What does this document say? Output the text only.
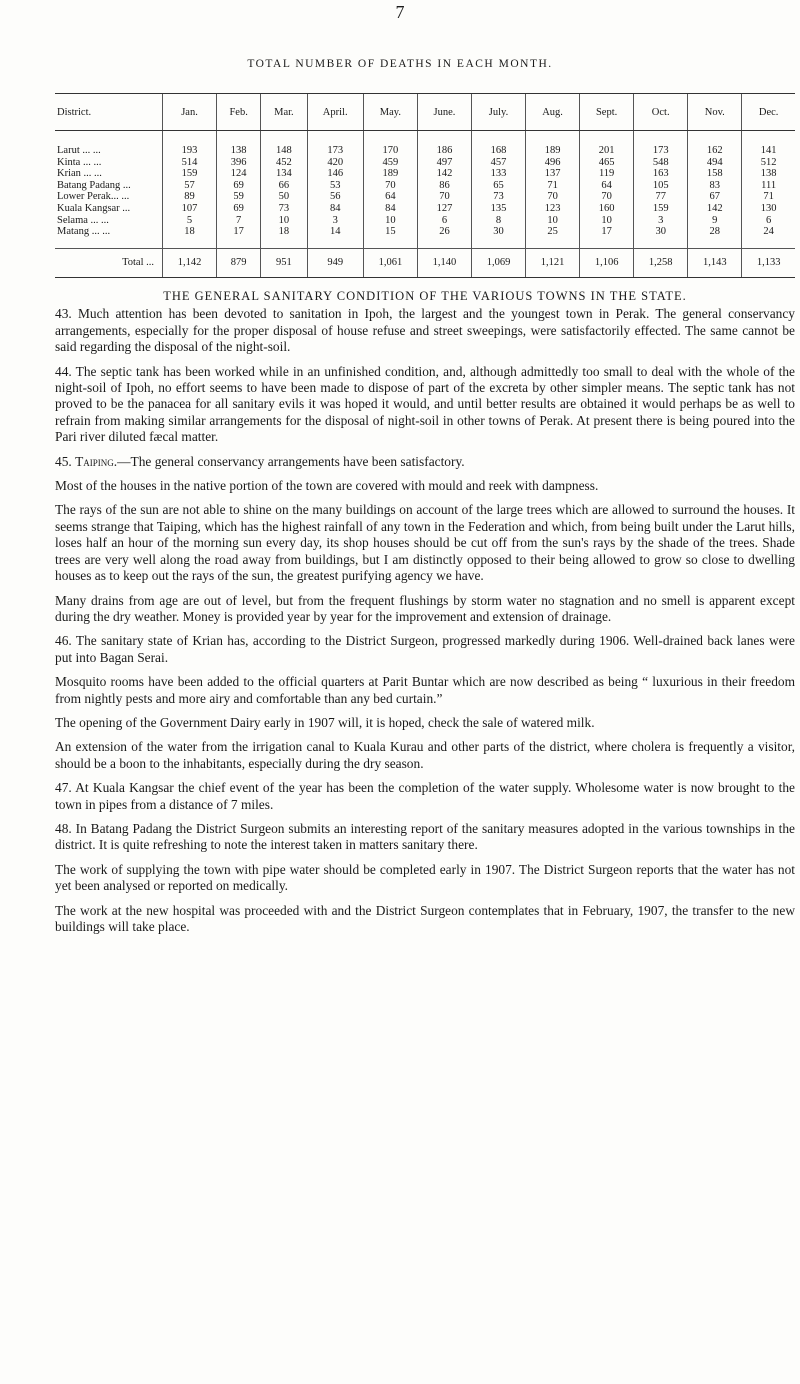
7
TOTAL NUMBER OF DEATHS IN EACH MONTH.
District.	Jan.	Feb.	Mar.	April.	May.	June.	July.	Aug.	Sept.	Oct.	Nov.	Dec.
Larut ... ...	193	138	148	173	170	186	168	189	201	173	162	141
Kinta ... ...	514	396	452	420	459	497	457	496	465	548	494	512
Krian ... ...	159	124	134	146	189	142	133	137	119	163	158	138
Batang Padang ...	57	69	66	53	70	86	65	71	64	105	83	111
Lower Perak... ...	89	59	50	56	64	70	73	70	70	77	67	71
Kuala Kangsar ...	107	69	73	84	84	127	135	123	160	159	142	130
Selama ... ...	5	7	10	3	10	6	8	10	10	3	9	6
Matang ... ...	18	17	18	14	15	26	30	25	17	30	28	24
Total ...	1,142	879	951	949	1,061	1,140	1,069	1,121	1,106	1,258	1,143	1,133
THE GENERAL SANITARY CONDITION OF THE VARIOUS TOWNS IN THE STATE.

43. Much attention has been devoted to sanitation in Ipoh, the largest and the youngest town in Perak. The general conservancy arrangements, especially for the proper disposal of house refuse and street sweepings, were satisfactorily effected. The same cannot be said regarding the disposal of the night-soil.

44. The septic tank has been worked while in an unfinished condition, and, although admittedly too small to deal with the whole of the night-soil of Ipoh, no effort seems to have been made to dispose of part of the excreta by other simpler means. The septic tank has not proved to be the panacea for all sanitary evils it was hoped it would, and until better results are obtained it would perhaps be as well to refrain from making similar arrangements for the disposal of night-soil in other towns of Perak. At present there is being poured into the Pari river diluted fæcal matter.

45. Taiping.—The general conservancy arrangements have been satisfactory.

Most of the houses in the native portion of the town are covered with mould and reek with dampness.

The rays of the sun are not able to shine on the many buildings on account of the large trees which are allowed to surround the houses. It seems strange that Taiping, which has the highest rainfall of any town in the Federation and which, from being built under the Larut hills, loses half an hour of the morning sun every day, its shop houses should be cut off from the sun's rays by the shade of the trees. Shade trees are very well along the road away from buildings, but I am distinctly opposed to their being allowed to grow so close to dwelling houses as to keep out the rays of the sun, the greatest purifying agency we have.

Many drains from age are out of level, but from the frequent flushings by storm water no stagnation and no smell is apparent except during the dry weather. Money is provided year by year for the improvement and extension of drainage.

46. The sanitary state of Krian has, according to the District Surgeon, progressed markedly during 1906. Well-drained back lanes were put into Bagan Serai.

Mosquito rooms have been added to the official quarters at Parit Buntar which are now described as being “ luxurious in their freedom from nightly pests and more airy and comfortable than any bed curtain.”

The opening of the Government Dairy early in 1907 will, it is hoped, check the sale of watered milk.

An extension of the water from the irrigation canal to Kuala Kurau and other parts of the district, where cholera is frequently a visitor, should be a boon to the inhabitants, especially during the dry season.

47. At Kuala Kangsar the chief event of the year has been the completion of the water supply. Wholesome water is now brought to the town in pipes from a distance of 7 miles.

48. In Batang Padang the District Surgeon submits an interesting report of the sanitary measures adopted in the various townships in the district. It is quite refreshing to note the interest taken in matters sanitary there.

The work of supplying the town with pipe water should be completed early in 1907. The District Surgeon reports that the water has not yet been analysed or reported on medically.

The work at the new hospital was proceeded with and the District Surgeon contemplates that in February, 1907, the transfer to the new buildings will take place.
